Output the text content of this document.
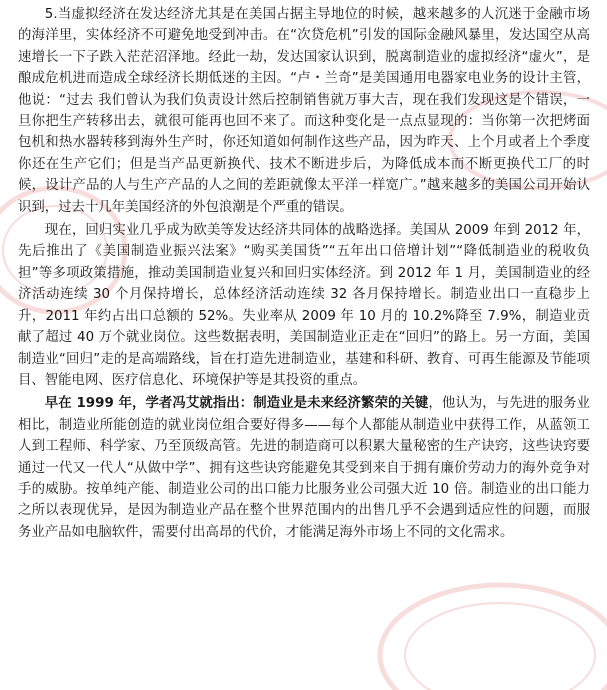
5.当虚拟经济在发达经济尤其是在美国占据主导地位的时候，越来越多的人沉迷于金融市场的海洋里，实体经济不可避免地受到冲击。在“次贷危机”引发的国际金融风暴里，发达国空从高速增长一下子跌入茫茫沼泽地。经此一劫，发达国家认识到，脱离制造业的虚拟经济“虚火”，是酿成危机进而造成全球经济长期低迷的主因。“卢・兰奇”是美国通用电器家电业务的设计主管，他说：“过去 我们曾认为我们负责设计然后控制销售就万事大吉，现在我们发现这是个错误，一旦你把生产转移出去，就很可能再也回不来了。而这种变化是一点点显现的：当你第一次把烤面包机和热水器转移到海外生产时，你还知道如何制作这些产品，因为昨天、上个月或者上个季度你还在生产它们；但是当产品更新换代、技术不断进步后，为降低成本而不断更换代工厂的时候，设计产品的人与生产产品的人之间的差距就像太平洋一样宽广。”越来越多的美国公司开始认识到，过去十几年美国经济的外包浪潮是个严重的错误。

现在，回归实业几乎成为欧美等发达经济共同体的战略选择。美国从 2009 年到 2012 年，先后推出了《美国制造业振兴法案》“购买美国货”“五年出口倍增计划”“降低制造业的税收负担”等多项政策措施，推动美国制造业复兴和回归实体经济。到 2012 年 1 月，美国制造业的经济活动连续 30 个月保持增长，总体经济活动连续 32 各月保持增长。制造业出口一直稳步上升，2011 年约占出口总额的 52%。失业率从 2009 年 10 月的 10.2%降至 7.9%，制造业贡献了超过 40 万个就业岗位。这些数据表明，美国制造业正走在“回归”的路上。另一方面，美国制造业“回归”走的是高端路线，旨在打造先进制造业，基建和科研、教育、可再生能源及节能项目、智能电网、医疗信息化、环境保护等是其投资的重点。

早在 1999 年，学者冯艾就指出：制造业是未来经济繁荣的关键，他认为，与先进的服务业相比，制造业所能创造的就业岗位组合要好得多——每个人都能从制造业中获得工作，从蓝领工人到工程师、科学家、乃至顶级高管。先进的制造商可以积累大量秘密的生产诀窍，这些诀窍要通过一代又一代人“从做中学”、拥有这些诀窍能避免其受到来自于拥有廉价劳动力的海外竞争对手的威胁。按单纯产能、制造业公司的出口能力比服务业公司强大近 10 倍。制造业的出口能力之所以表现优异，是因为制造业产品在整个世界范围内的出售几乎不会遇到适应性的问题，而服务业产品如电脑软件，需要付出高昂的代价，才能满足海外市场上不同的文化需求。
